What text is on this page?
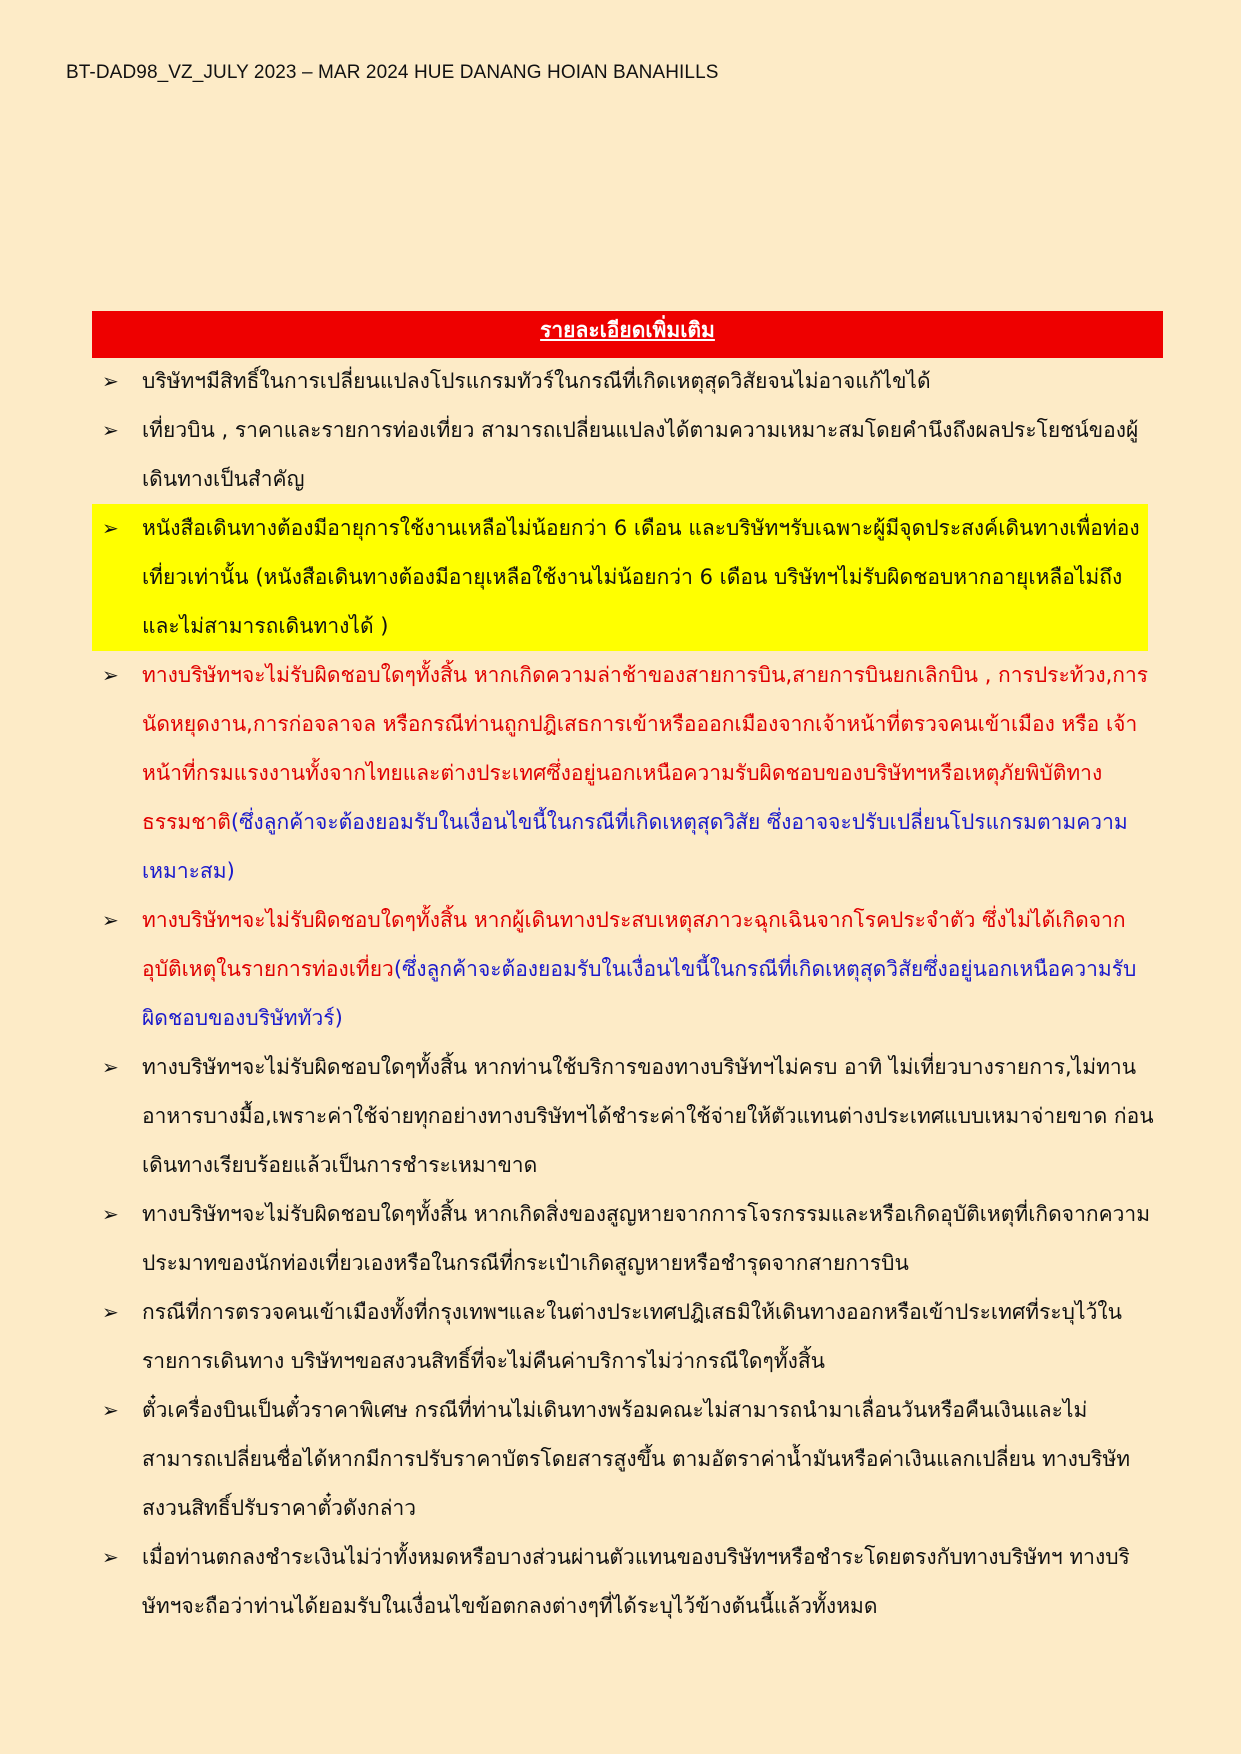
BT-DAD98_VZ_JULY 2023 – MAR 2024 HUE DANANG HOIAN BANAHILLS
รายละเอียดเพิ่มเติม
➢ บริษัทฯมีสิทธิ์ในการเปลี่ยนแปลงโปรแกรมทัวร์ในกรณีที่เกิดเหตุสุดวิสัยจนไม่อาจแก้ไขได้
➢ เที่ยวบิน , ราคาและรายการท่องเที่ยว สามารถเปลี่ยนแปลงได้ตามความเหมาะสมโดยคำนึงถึงผลประโยชน์ของผู้เดินทางเป็นสำคัญ
➢ หนังสือเดินทางต้องมีอายุการใช้งานเหลือไม่น้อยกว่า 6 เดือน และบริษัทฯรับเฉพาะผู้มีจุดประสงค์เดินทางเพื่อท่องเที่ยวเท่านั้น (หนังสือเดินทางต้องมีอายุเหลือใช้งานไม่น้อยกว่า 6 เดือน บริษัทฯไม่รับผิดชอบหากอายุเหลือไม่ถึงและไม่สามารถเดินทางได้ )
➢ ทางบริษัทฯจะไม่รับผิดชอบใดๆทั้งสิ้น หากเกิดความล่าช้าของสายการบิน,สายการบินยกเลิกบิน , การประท้วง,การนัดหยุดงาน,การก่อจลาจล หรือกรณีท่านถูกปฎิเสธการเข้าหรือออกเมืองจากเจ้าหน้าที่ตรวจคนเข้าเมือง หรือ เจ้าหน้าที่กรมแรงงานทั้งจากไทยและต่างประเทศซึ่งอยู่นอกเหนือความรับผิดชอบของบริษัทฯหรือเหตุภัยพิบัติทางธรรมชาติ(ซึ่งลูกค้าจะต้องยอมรับในเงื่อนไขนี้ในกรณีที่เกิดเหตุสุดวิสัย ซึ่งอาจจะปรับเปลี่ยนโปรแกรมตามความเหมาะสม)
➢ ทางบริษัทฯจะไม่รับผิดชอบใดๆทั้งสิ้น หากผู้เดินทางประสบเหตุสภาวะฉุกเฉินจากโรคประจำตัว ซึ่งไม่ได้เกิดจากอุบัติเหตุในรายการท่องเที่ยว(ซึ่งลูกค้าจะต้องยอมรับในเงื่อนไขนี้ในกรณีที่เกิดเหตุสุดวิสัยซึ่งอยู่นอกเหนือความรับผิดชอบของบริษัททัวร์)
➢ ทางบริษัทฯจะไม่รับผิดชอบใดๆทั้งสิ้น หากท่านใช้บริการของทางบริษัทฯไม่ครบ อาทิ ไม่เที่ยวบางรายการ,ไม่ทานอาหารบางมื้อ,เพราะค่าใช้จ่ายทุกอย่างทางบริษัทฯได้ชำระค่าใช้จ่ายให้ตัวแทนต่างประเทศแบบเหมาจ่ายขาด ก่อนเดินทางเรียบร้อยแล้วเป็นการชำระเหมาขาด
➢ ทางบริษัทฯจะไม่รับผิดชอบใดๆทั้งสิ้น หากเกิดสิ่งของสูญหายจากการโจรกรรมและหรือเกิดอุบัติเหตุที่เกิดจากความประมาทของนักท่องเที่ยวเองหรือในกรณีที่กระเป๋าเกิดสูญหายหรือชำรุดจากสายการบิน
➢ กรณีที่การตรวจคนเข้าเมืองทั้งที่กรุงเทพฯและในต่างประเทศปฎิเสธมิให้เดินทางออกหรือเข้าประเทศที่ระบุไว้ในรายการเดินทาง บริษัทฯขอสงวนสิทธิ์ที่จะไม่คืนค่าบริการไม่ว่ากรณีใดๆทั้งสิ้น
➢ ตั๋วเครื่องบินเป็นตั๋วราคาพิเศษ กรณีที่ท่านไม่เดินทางพร้อมคณะไม่สามารถนำมาเลื่อนวันหรือคืนเงินและไม่สามารถเปลี่ยนชื่อได้หากมีการปรับราคาบัตรโดยสารสูงขึ้น ตามอัตราค่าน้ำมันหรือค่าเงินแลกเปลี่ยน ทางบริษัท สงวนสิทธิ์ปรับราคาตั๋วดังกล่าว
➢ เมื่อท่านตกลงชำระเงินไม่ว่าทั้งหมดหรือบางส่วนผ่านตัวแทนของบริษัทฯหรือชำระโดยตรงกับทางบริษัทฯ ทางบริษัทฯจะถือว่าท่านได้ยอมรับในเงื่อนไขข้อตกลงต่างๆที่ได้ระบุไว้ข้างต้นนี้แล้วทั้งหมด
